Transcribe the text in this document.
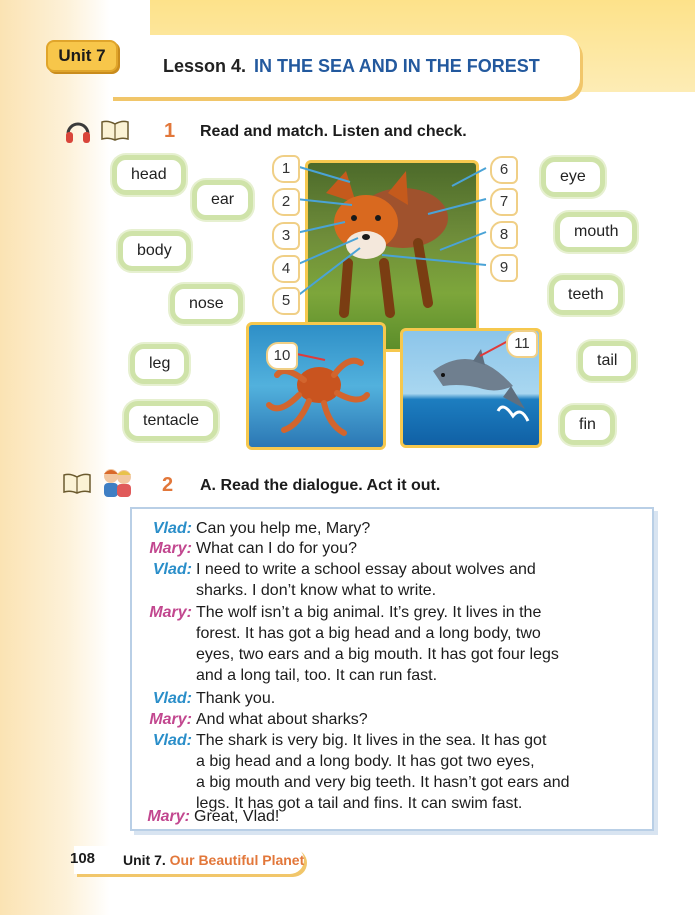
Unit 7
Lesson 4. IN THE SEA AND IN THE FOREST
1 Read and match. Listen and check.
1
2
3
4
5
6
7
8
9
10
11
head
ear
body
nose
leg
tentacle
eye
mouth
teeth
tail
fin
2 A. Read the dialogue. Act it out.
Vlad: Can you help me, Mary?
Mary: What can I do for you?
Vlad: I need to write a school essay about wolves and
sharks. I don’t know what to write.
Mary: The wolf isn’t a big animal. It’s grey. It lives in the
forest. It has got a big head and a long body, two
eyes, two ears and a big mouth. It has got four legs
and a long tail, too. It can run fast.
Vlad: Thank you.
Mary: And what about sharks?
Vlad: The shark is very big. It lives in the sea. It has got
a big head and a long body. It has got two eyes,
a big mouth and very big teeth. It hasn’t got ears and
legs. It has got a tail and fins. It can swim fast.
Mary: Great, Vlad!
108 Unit 7. Our Beautiful Planet
